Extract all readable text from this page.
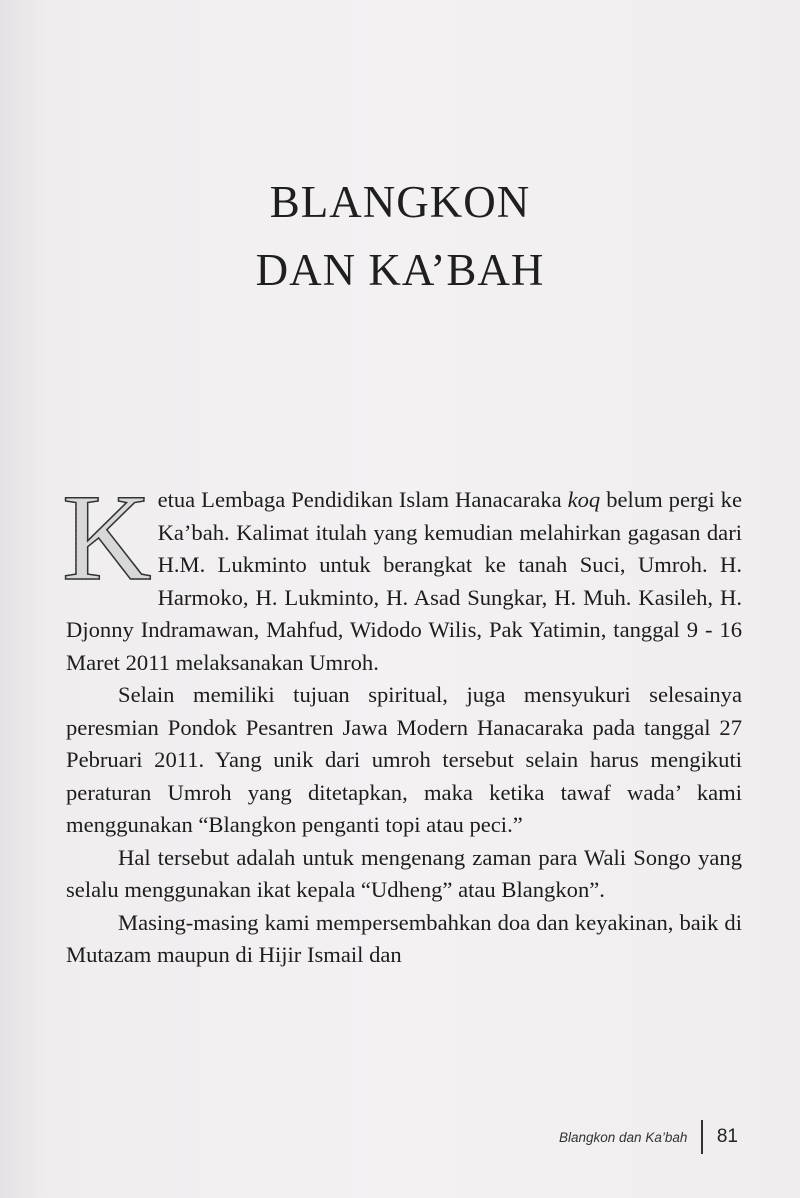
BLANGKON
DAN KA’BAH

K etua Lembaga Pendidikan Islam Hanacaraka koq belum pergi ke Ka’bah. Kalimat itulah yang kemudian melahirkan gagasan dari H.M. Lukminto untuk berangkat ke tanah Suci, Umroh. H. Harmoko, H. Lukminto, H. Asad Sungkar, H. Muh. Kasileh, H. Djonny Indramawan, Mahfud, Widodo Wilis, Pak Yatimin, tanggal 9 - 16 Maret 2011 melaksanakan Umroh.

Selain memiliki tujuan spiritual, juga mensyukuri selesainya peresmian Pondok Pesantren Jawa Modern Hanacaraka pada tanggal 27 Pebruari 2011. Yang unik dari umroh tersebut selain harus mengikuti peraturan Umroh yang ditetapkan, maka ketika tawaf wada’ kami menggunakan “Blangkon penganti topi atau peci.”

Hal tersebut adalah untuk mengenang zaman para Wali Songo yang selalu menggunakan ikat kepala “Udheng” atau Blangkon”.

Masing-masing kami mempersembahkan doa dan keyakinan, baik di Mutazam maupun di Hijir Ismail dan

Blangkon dan Ka’bah 81
